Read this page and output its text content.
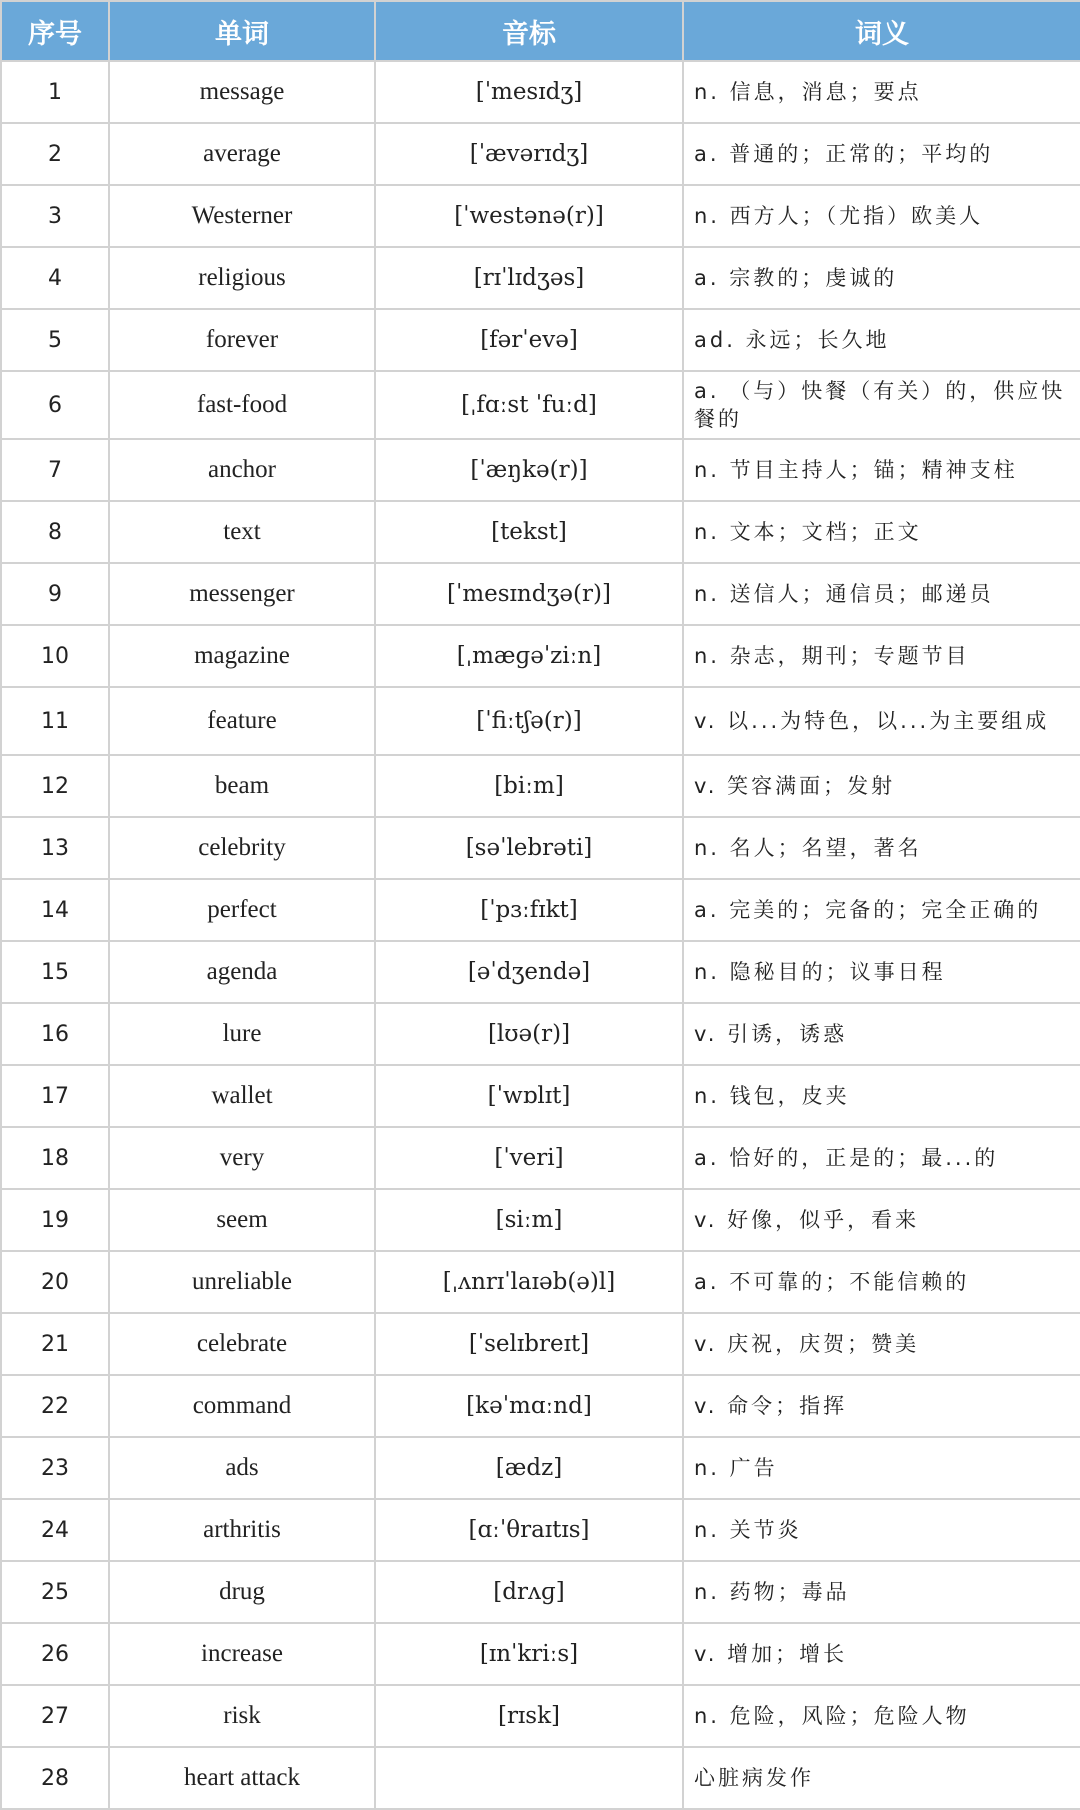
序号	单词	音标	词义
1	message	[ˈmesɪdʒ]	n. 信息，消息；要点
2	average	[ˈævərɪdʒ]	a. 普通的；正常的；平均的
3	Westerner	[ˈwestənə(r)]	n. 西方人；（尤指）欧美人
4	religious	[rɪˈlɪdʒəs]	a. 宗教的；虔诚的
5	forever	[fərˈevə]	ad. 永远；长久地
6	fast-food	[ˌfɑːst ˈfuːd]	a. （与）快餐（有关）的，供应快餐的
7	anchor	[ˈæŋkə(r)]	n. 节目主持人；锚；精神支柱
8	text	[tekst]	n. 文本；文档；正文
9	messenger	[ˈmesɪndʒə(r)]	n. 送信人；通信员；邮递员
10	magazine	[ˌmæɡəˈziːn]	n. 杂志，期刊；专题节目
11	feature	[ˈfiːtʃə(r)]	v. 以...为特色，以...为主要组成
12	beam	[biːm]	v. 笑容满面；发射
13	celebrity	[səˈlebrəti]	n. 名人；名望，著名
14	perfect	[ˈpɜːfɪkt]	a. 完美的；完备的；完全正确的
15	agenda	[əˈdʒendə]	n. 隐秘目的；议事日程
16	lure	[lʊə(r)]	v. 引诱，诱惑
17	wallet	[ˈwɒlɪt]	n. 钱包，皮夹
18	very	[ˈveri]	a. 恰好的，正是的；最...的
19	seem	[siːm]	v. 好像，似乎，看来
20	unreliable	[ˌʌnrɪˈlaɪəb(ə)l]	a. 不可靠的；不能信赖的
21	celebrate	[ˈselɪbreɪt]	v. 庆祝，庆贺；赞美
22	command	[kəˈmɑːnd]	v. 命令；指挥
23	ads	[ædz]	n. 广告
24	arthritis	[ɑːˈθraɪtɪs]	n. 关节炎
25	drug	[drʌɡ]	n. 药物；毒品
26	increase	[ɪnˈkriːs]	v. 增加；增长
27	risk	[rɪsk]	n. 危险，风险；危险人物
28	heart attack		心脏病发作
